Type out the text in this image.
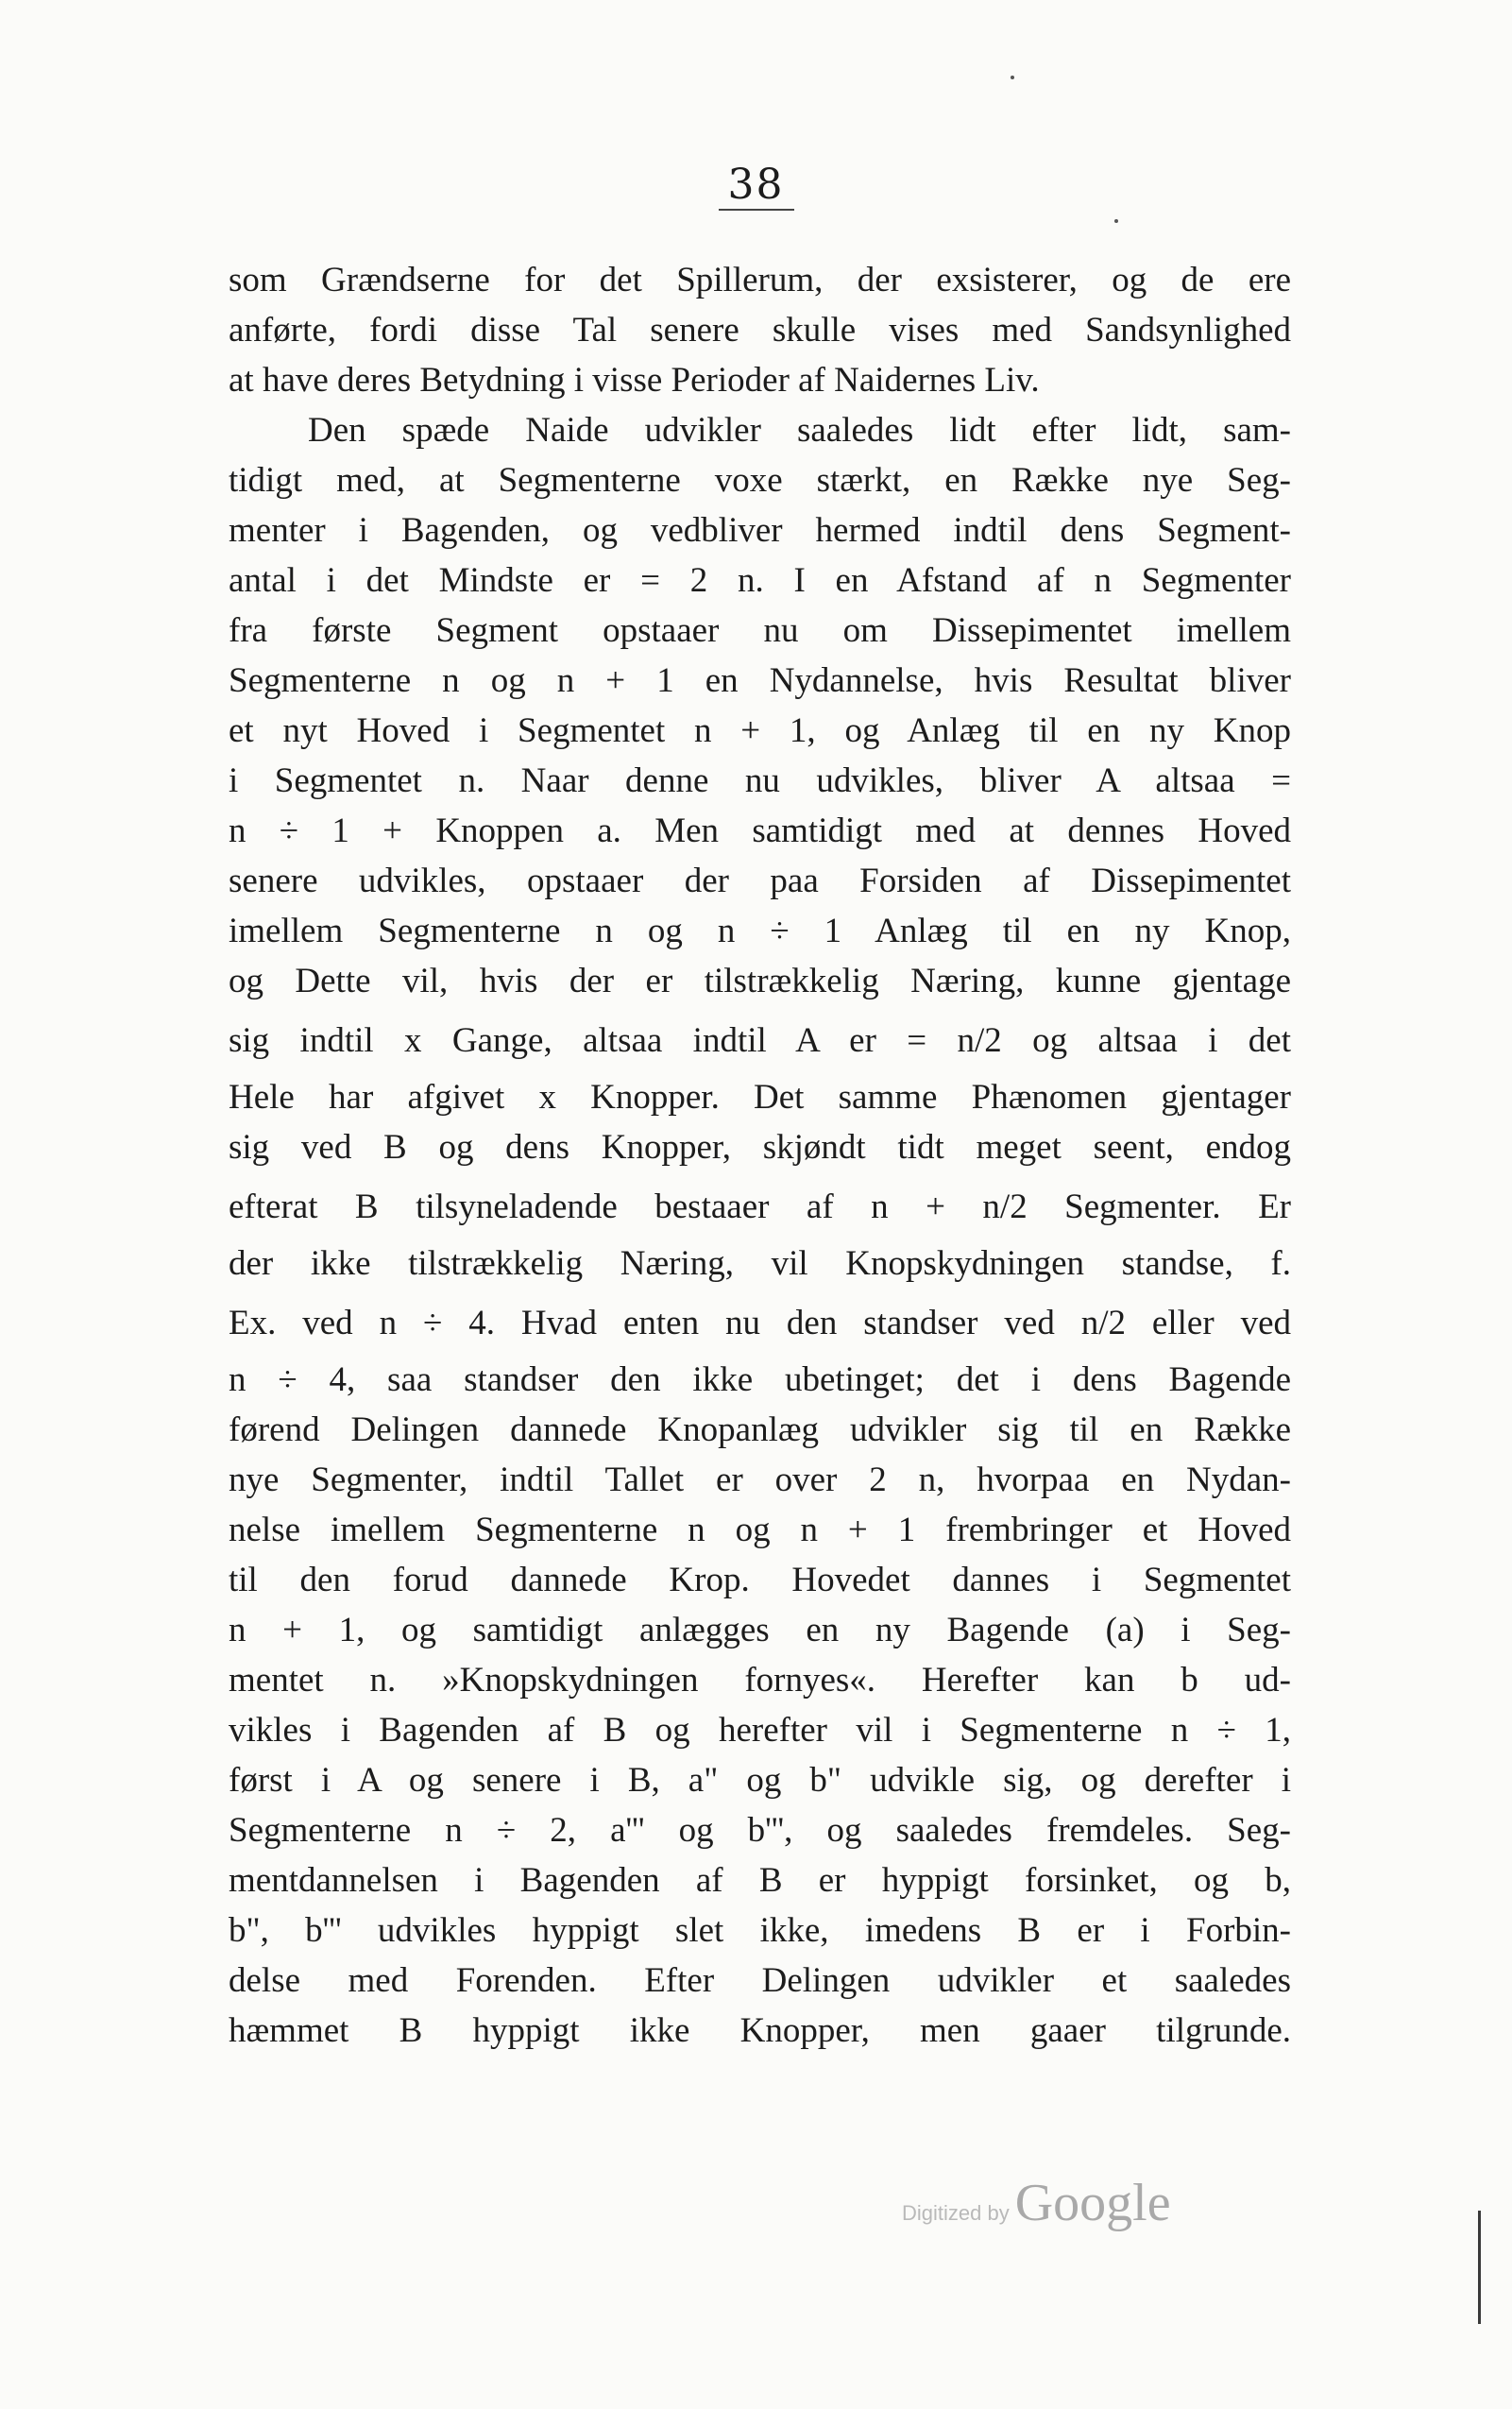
38
som Grændserne for det Spillerum, der exsisterer, og de ere
anførte, fordi disse Tal senere skulle vises med Sandsynlighed
at have deres Betydning i visse Perioder af Naidernes Liv.
Den spæde Naide udvikler saaledes lidt efter lidt, sam-
tidigt med, at Segmenterne voxe stærkt, en Række nye Seg-
menter i Bagenden, og vedbliver hermed indtil dens Segment-
antal i det Mindste er = 2 n. I en Afstand af n Segmenter
fra første Segment opstaaer nu om Dissepimentet imellem
Segmenterne n og n + 1 en Nydannelse, hvis Resultat bliver
et nyt Hoved i Segmentet n + 1, og Anlæg til en ny Knop
i Segmentet n. Naar denne nu udvikles, bliver A altsaa =
n ÷ 1 + Knoppen a. Men samtidigt med at dennes Hoved
senere udvikles, opstaaer der paa Forsiden af Dissepimentet
imellem Segmenterne n og n ÷ 1 Anlæg til en ny Knop,
og Dette vil, hvis der er tilstrækkelig Næring, kunne gjentage
sig indtil x Gange, altsaa indtil A er = n/2 og altsaa i det
Hele har afgivet x Knopper. Det samme Phænomen gjentager
sig ved B og dens Knopper, skjøndt tidt meget seent, endog
efterat B tilsyneladende bestaaer af n + n/2 Segmenter. Er
der ikke tilstrækkelig Næring, vil Knopskydningen standse, f.
Ex. ved n ÷ 4. Hvad enten nu den standser ved n/2 eller ved
n ÷ 4, saa standser den ikke ubetinget; det i dens Bagende
førend Delingen dannede Knopanlæg udvikler sig til en Række
nye Segmenter, indtil Tallet er over 2 n, hvorpaa en Nydan-
nelse imellem Segmenterne n og n + 1 frembringer et Hoved
til den forud dannede Krop. Hovedet dannes i Segmentet
n + 1, og samtidigt anlægges en ny Bagende (a) i Seg-
mentet n. »Knopskydningen fornyes«. Herefter kan b ud-
vikles i Bagenden af B og herefter vil i Segmenterne n ÷ 1,
først i A og senere i B, a" og b" udvikle sig, og derefter i
Segmenterne n ÷ 2, a''' og b''', og saaledes fremdeles. Seg-
mentdannelsen i Bagenden af B er hyppigt forsinket, og b,
b", b''' udvikles hyppigt slet ikke, imedens B er i Forbin-
delse med Forenden. Efter Delingen udvikler et saaledes
hæmmet B hyppigt ikke Knopper, men gaaer tilgrunde.
Digitized by Google
